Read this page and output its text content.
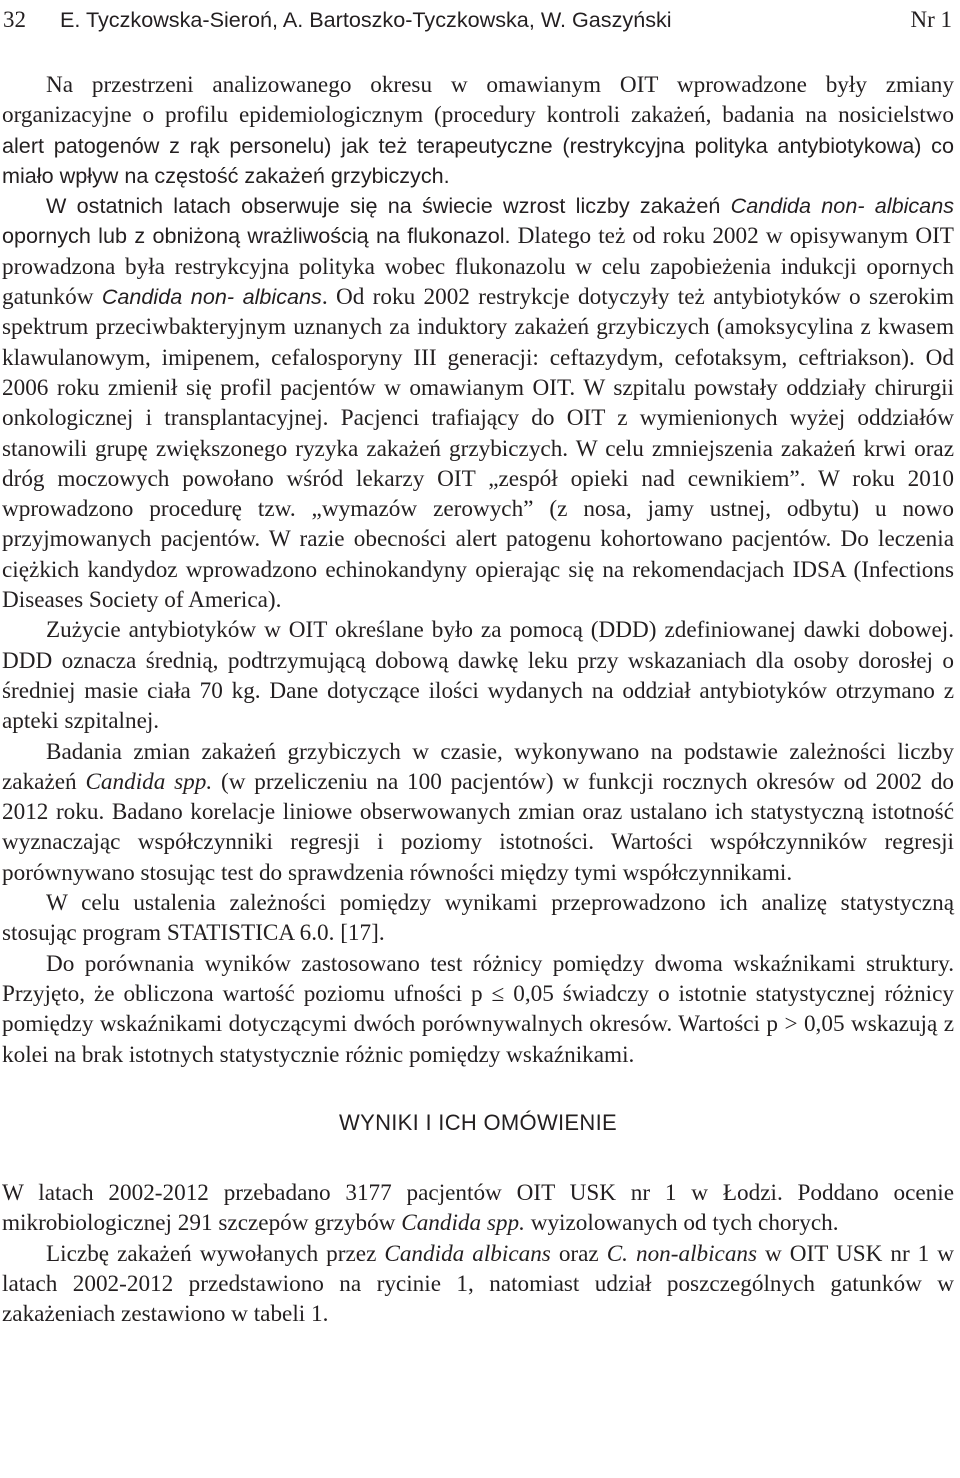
32 E. Tyczkowska-Sieroń, A. Bartoszko-Tyczkowska, W. Gaszyński	Nr 1

Na przestrzeni analizowanego okresu w omawianym OIT wprowadzone były zmiany organizacyjne o profilu epidemiologicznym (procedury kontroli zakażeń, badania na nosicielstwo alert patogenów z rąk personelu) jak też terapeutyczne (restrykcyjna polityka antybiotykowa) co miało wpływ na częstość zakażeń grzybiczych.

W ostatnich latach obserwuje się na świecie wzrost liczby zakażeń Candida non- albicans opornych lub z obniżoną wrażliwością na flukonazol. Dlatego też od roku 2002 w opisywanym OIT prowadzona była restrykcyjna polityka wobec flukonazolu w celu zapobieżenia indukcji opornych gatunków Candida non- albicans. Od roku 2002 restrykcje dotyczyły też antybiotyków o szerokim spektrum przeciwbakteryjnym uznanych za induktory zakażeń grzybiczych (amoksycylina z kwasem klawulanowym, imipenem, cefalosporyny III generacji: ceftazydym, cefotaksym, ceftriakson). Od 2006 roku zmienił się profil pacjentów w omawianym OIT. W szpitalu powstały oddziały chirurgii onkologicznej i transplantacyjnej. Pacjenci trafiający do OIT z wymienionych wyżej oddziałów stanowili grupę zwiększonego ryzyka zakażeń grzybiczych. W celu zmniejszenia zakażeń krwi oraz dróg moczowych powołano wśród lekarzy OIT „zespół opieki nad cewnikiem”. W roku 2010 wprowadzono procedurę tzw. „wymazów zerowych” (z nosa, jamy ustnej, odbytu) u nowo przyjmowanych pacjentów. W razie obecności alert patogenu kohortowano pacjentów. Do leczenia ciężkich kandydoz wprowadzono echinokandyny opierając się na rekomendacjach IDSA (Infections Diseases Society of America).

Zużycie antybiotyków w OIT określane było za pomocą (DDD) zdefiniowanej dawki dobowej. DDD oznacza średnią, podtrzymującą dobową dawkę leku przy wskazaniach dla osoby dorosłej o średniej masie ciała 70 kg. Dane dotyczące ilości wydanych na oddział antybiotyków otrzymano z apteki szpitalnej.

Badania zmian zakażeń grzybiczych w czasie, wykonywano na podstawie zależności liczby zakażeń Candida spp. (w przeliczeniu na 100 pacjentów) w funkcji rocznych okresów od 2002 do 2012 roku. Badano korelacje liniowe obserwowanych zmian oraz ustalano ich statystyczną istotność wyznaczając współczynniki regresji i poziomy istotności. Wartości współczynników regresji porównywano stosując test do sprawdzenia równości między tymi współczynnikami.

W celu ustalenia zależności pomiędzy wynikami przeprowadzono ich analizę statystyczną stosując program STATISTICA 6.0. [17].

Do porównania wyników zastosowano test różnicy pomiędzy dwoma wskaźnikami struktury. Przyjęto, że obliczona wartość poziomu ufności p ≤ 0,05 świadczy o istotnie statystycznej różnicy pomiędzy wskaźnikami dotyczącymi dwóch porównywalnych okresów. Wartości p > 0,05 wskazują z kolei na brak istotnych statystycznie różnic pomiędzy wskaźnikami.

WYNIKI I ICH OMÓWIENIE

W latach 2002-2012 przebadano 3177 pacjentów OIT USK nr 1 w Łodzi. Poddano ocenie mikrobiologicznej 291 szczepów grzybów Candida spp. wyizolowanych od tych chorych.

Liczbę zakażeń wywołanych przez Candida albicans oraz C. non-albicans w OIT USK nr 1 w latach 2002-2012 przedstawiono na rycinie 1, natomiast udział poszczególnych gatunków w zakażeniach zestawiono w tabeli 1.
